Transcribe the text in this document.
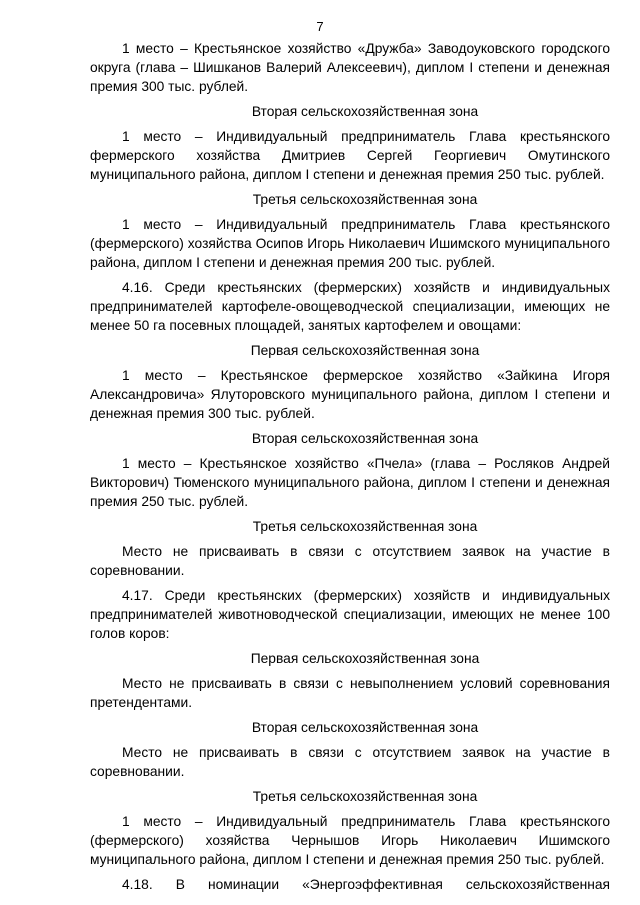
7

1 место – Крестьянское хозяйство «Дружба» Заводоуковского городского округа (глава – Шишканов Валерий Алексеевич), диплом I степени и денежная премия 300 тыс. рублей.

Вторая сельскохозяйственная зона

1 место – Индивидуальный предприниматель Глава крестьянского фермерского хозяйства Дмитриев Сергей Георгиевич Омутинского муниципального района, диплом I степени и денежная премия 250 тыс. рублей.

Третья сельскохозяйственная зона

1 место – Индивидуальный предприниматель Глава крестьянского (фермерского) хозяйства Осипов Игорь Николаевич Ишимского муниципального района, диплом I степени и денежная премия 200 тыс. рублей.

4.16. Среди крестьянских (фермерских) хозяйств и индивидуальных предпринимателей картофеле-овощеводческой специализации, имеющих не менее 50 га посевных площадей, занятых картофелем и овощами:

Первая сельскохозяйственная зона

1 место – Крестьянское фермерское хозяйство «Зайкина Игоря Александровича» Ялуторовского муниципального района, диплом I степени и денежная премия 300 тыс. рублей.

Вторая сельскохозяйственная зона

1 место – Крестьянское хозяйство «Пчела» (глава – Росляков Андрей Викторович) Тюменского муниципального района, диплом I степени и денежная премия 250 тыс. рублей.

Третья сельскохозяйственная зона

Место не присваивать в связи с отсутствием заявок на участие в соревновании.

4.17. Среди крестьянских (фермерских) хозяйств и индивидуальных предпринимателей животноводческой специализации, имеющих не менее 100 голов коров:

Первая сельскохозяйственная зона

Место не присваивать в связи с невыполнением условий соревнования претендентами.

Вторая сельскохозяйственная зона

Место не присваивать в связи с отсутствием заявок на участие в соревновании.

Третья сельскохозяйственная зона

1 место – Индивидуальный предприниматель Глава крестьянского (фермерского) хозяйства Чернышов Игорь Николаевич Ишимского муниципального района, диплом I степени и денежная премия 250 тыс. рублей.

4.18. В номинации «Энергоэффективная сельскохозяйственная
